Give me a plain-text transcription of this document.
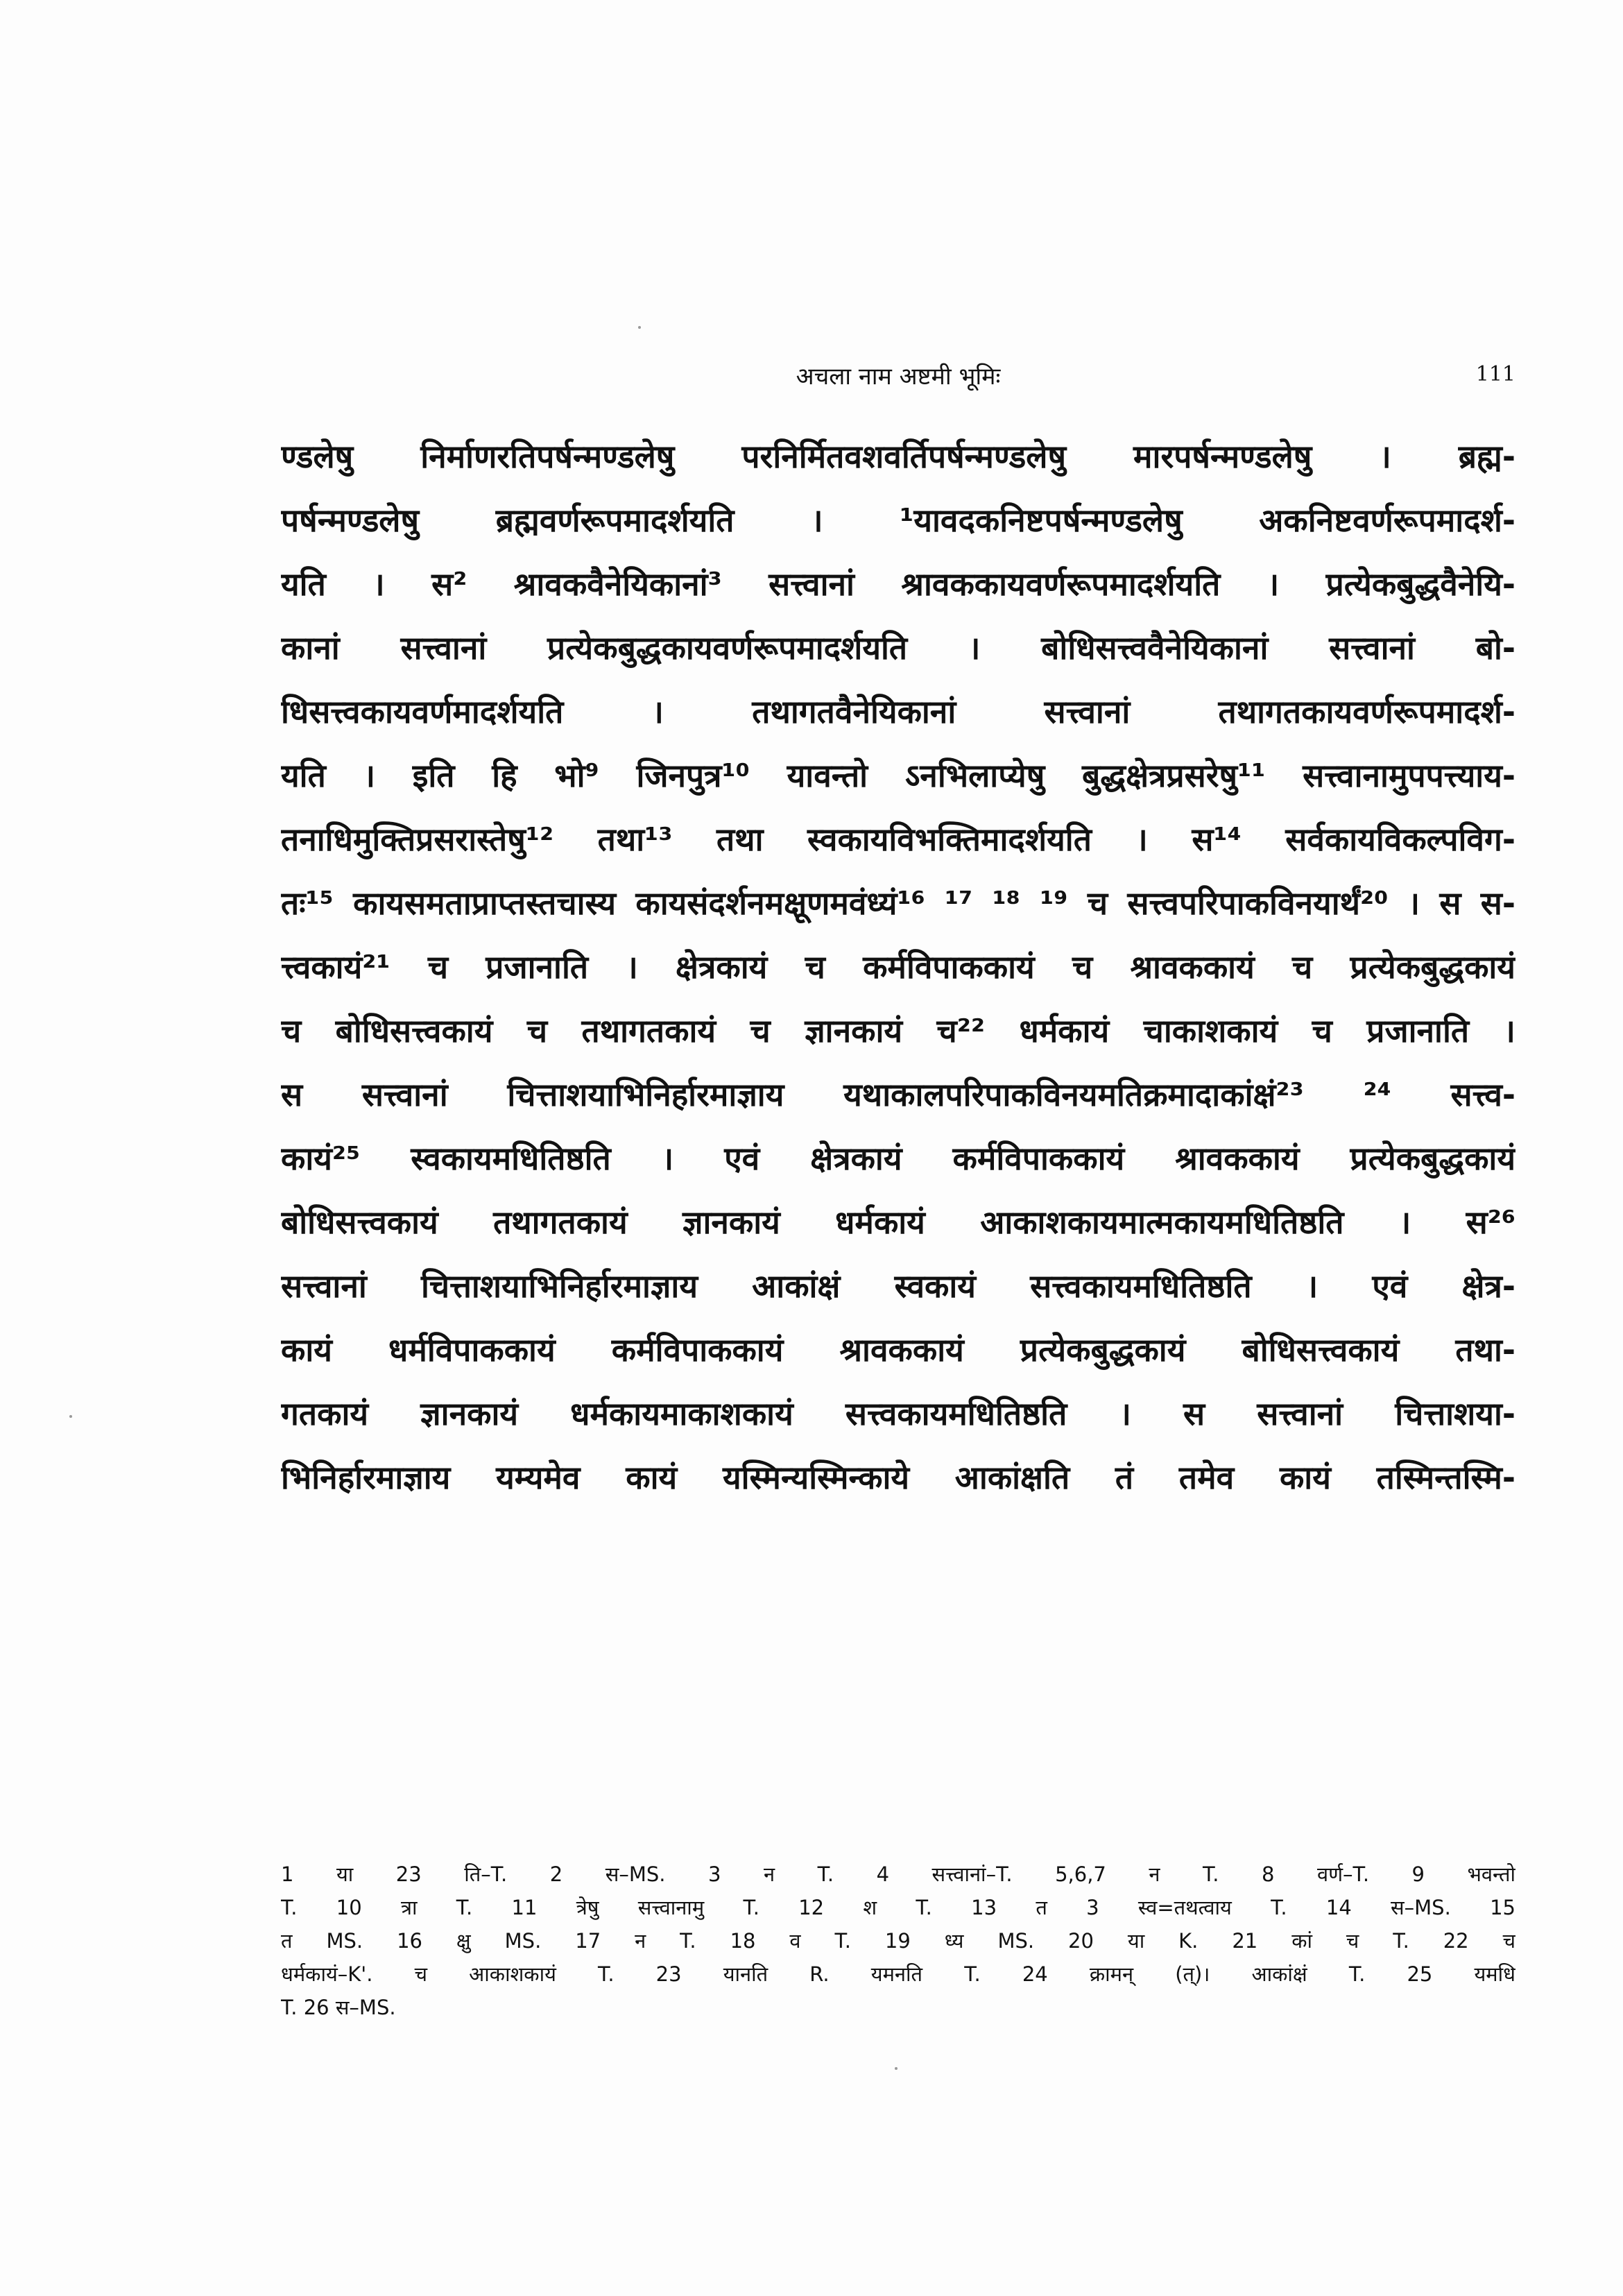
अचला नाम अष्टमी भूमिः	111
ण्डलेषु निर्माणरतिपर्षन्मण्डलेषु परनिर्मितवशवर्तिपर्षन्मण्डलेषु मारपर्षन्मण्डलेषु । ब्रह्म-
पर्षन्मण्डलेषु ब्रह्मवर्णरूपमादर्शयति । ¹यावदकनिष्टपर्षन्मण्डलेषु अकनिष्टवर्णरूपमादर्श-
यति । स² श्रावकवैनेयिकानां³ सत्त्वानां श्रावककायवर्णरूपमादर्शयति । प्रत्येकबुद्धवैनेयि-
कानां सत्त्वानां प्रत्येकबुद्धकायवर्णरूपमादर्शयति । बोधिसत्त्ववैनेयिकानां सत्त्वानां बो-
धिसत्त्वकायवर्णमादर्शयति । तथागतवैनेयिकानां सत्त्वानां तथागतकायवर्णरूपमादर्श-
यति । इति हि भो⁹ जिनपुत्र¹⁰ यावन्तो ऽनभिलाप्येषु बुद्धक्षेत्रप्रसरेषु¹¹ सत्त्वानामुपपत्त्याय-
तनाधिमुक्तिप्रसरास्तेषु¹² तथा¹³ तथा स्वकायविभक्तिमादर्शयति । स¹⁴ सर्वकायविकल्पविग-
तः¹⁵ कायसमताप्राप्तस्तचास्य कायसंदर्शनमक्षूणमवंध्यं¹⁶ ¹⁷ ¹⁸ ¹⁹ च सत्त्वपरिपाकविनयार्थं²⁰ । स स-
त्त्वकायं²¹ च प्रजानाति । क्षेत्रकायं च कर्मविपाककायं च श्रावककायं च प्रत्येकबुद्धकायं
च बोधिसत्त्वकायं च तथागतकायं च ज्ञानकायं च²² धर्मकायं चाकाशकायं च प्रजानाति ।
स सत्त्वानां चित्ताशयाभिनिर्हारमाज्ञाय यथाकालपरिपाकविनयमतिक्रमादाकांक्षं²³ ²⁴ सत्त्व-
कायं²⁵ स्वकायमधितिष्ठति । एवं क्षेत्रकायं कर्मविपाककायं श्रावककायं प्रत्येकबुद्धकायं
बोधिसत्त्वकायं तथागतकायं ज्ञानकायं धर्मकायं आकाशकायमात्मकायमधितिष्ठति । स²⁶
सत्त्वानां चित्ताशयाभिनिर्हारमाज्ञाय आकांक्षं स्वकायं सत्त्वकायमधितिष्ठति । एवं क्षेत्र-
कायं धर्मविपाककायं कर्मविपाककायं श्रावककायं प्रत्येकबुद्धकायं बोधिसत्त्वकायं तथा-
गतकायं ज्ञानकायं धर्मकायमाकाशकायं सत्त्वकायमधितिष्ठति । स सत्त्वानां चित्ताशया-
भिनिर्हारमाज्ञाय यम्यमेव कायं यस्मिन्यस्मिन्काये आकांक्षति तं तमेव कायं तस्मिन्तस्मि-
1 या 23 ति–T. 2 स–MS. 3 न T. 4 सत्त्वानां–T. 5,6,7 न T. 8 वर्ण–T. 9 भवन्तो
T. 10 त्रा T. 11 त्रेषु सत्त्वानामु T. 12 श T. 13 त 3 स्व=तथत्वाय T. 14 स–MS. 15
त MS. 16 क्षु MS. 17 न T. 18 व T. 19 ध्य MS. 20 या K. 21 कां च T. 22 च
धर्मकायं–K'. च आकाशकायं T. 23 यानति R. यमनति T. 24 क्रामन् (त्)। आकांक्षं T. 25 यमधि
T. 26 स–MS.
